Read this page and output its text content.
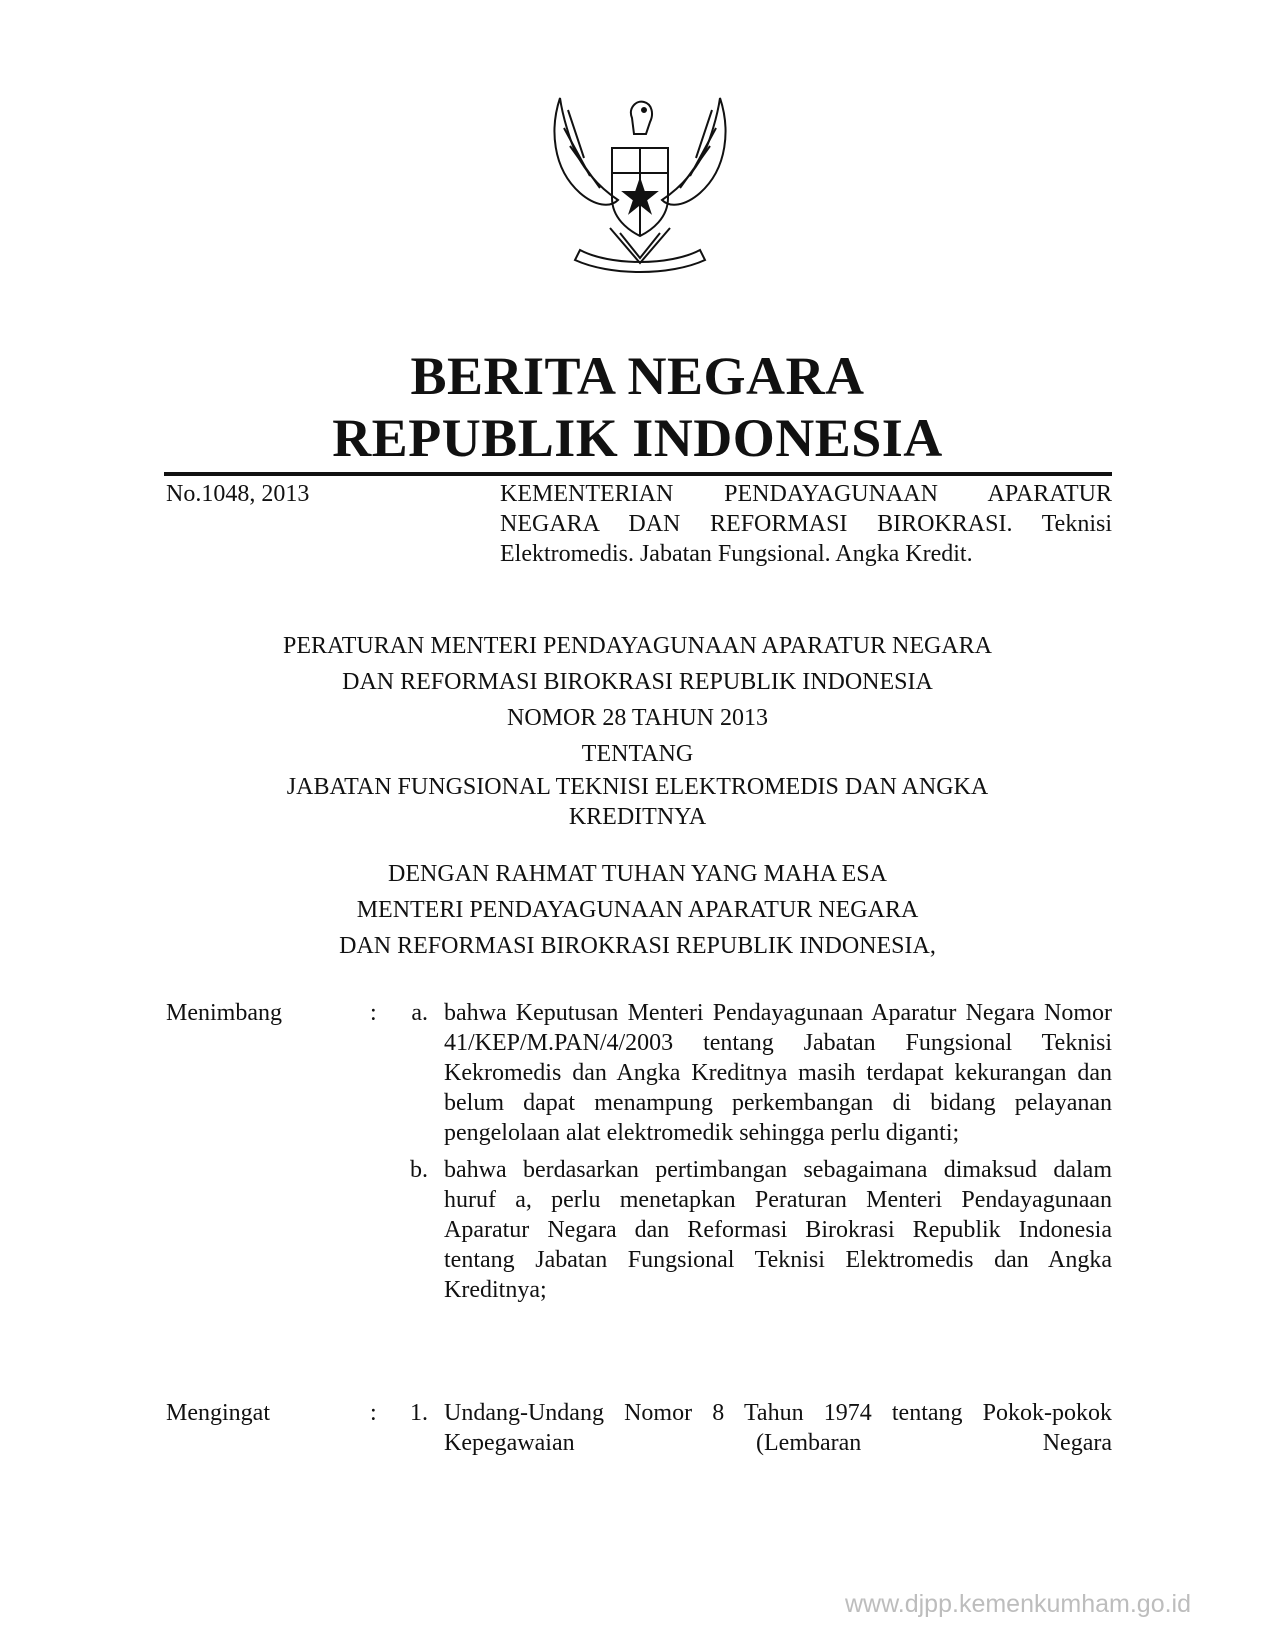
BERITA NEGARA
REPUBLIK INDONESIA
No.1048, 2013	KEMENTERIAN PENDAYAGUNAAN APARATUR NEGARA DAN REFORMASI BIROKRASI. Teknisi Elektromedis. Jabatan Fungsional. Angka Kredit.
PERATURAN MENTERI PENDAYAGUNAAN APARATUR NEGARA
DAN REFORMASI BIROKRASI REPUBLIK INDONESIA
NOMOR 28 TAHUN 2013
TENTANG
JABATAN FUNGSIONAL TEKNISI ELEKTROMEDIS DAN ANGKA KREDITNYA
DENGAN RAHMAT TUHAN YANG MAHA ESA
MENTERI PENDAYAGUNAAN APARATUR NEGARA
DAN REFORMASI BIROKRASI REPUBLIK INDONESIA,
Menimbang	:	a. bahwa Keputusan Menteri Pendayagunaan Aparatur Negara Nomor 41/KEP/M.PAN/4/2003 tentang Jabatan Fungsional Teknisi Kekromedis dan Angka Kreditnya masih terdapat kekurangan dan belum dapat menampung perkembangan di bidang pelayanan pengelolaan alat elektromedik sehingga perlu diganti;
b. bahwa berdasarkan pertimbangan sebagaimana dimaksud dalam huruf a, perlu menetapkan Peraturan Menteri Pendayagunaan Aparatur Negara dan Reformasi Birokrasi Republik Indonesia tentang Jabatan Fungsional Teknisi Elektromedis dan Angka Kreditnya;
Mengingat	:	1. Undang-Undang Nomor 8 Tahun 1974 tentang Pokok-pokok Kepegawaian (Lembaran Negara
www.djpp.kemenkumham.go.id
